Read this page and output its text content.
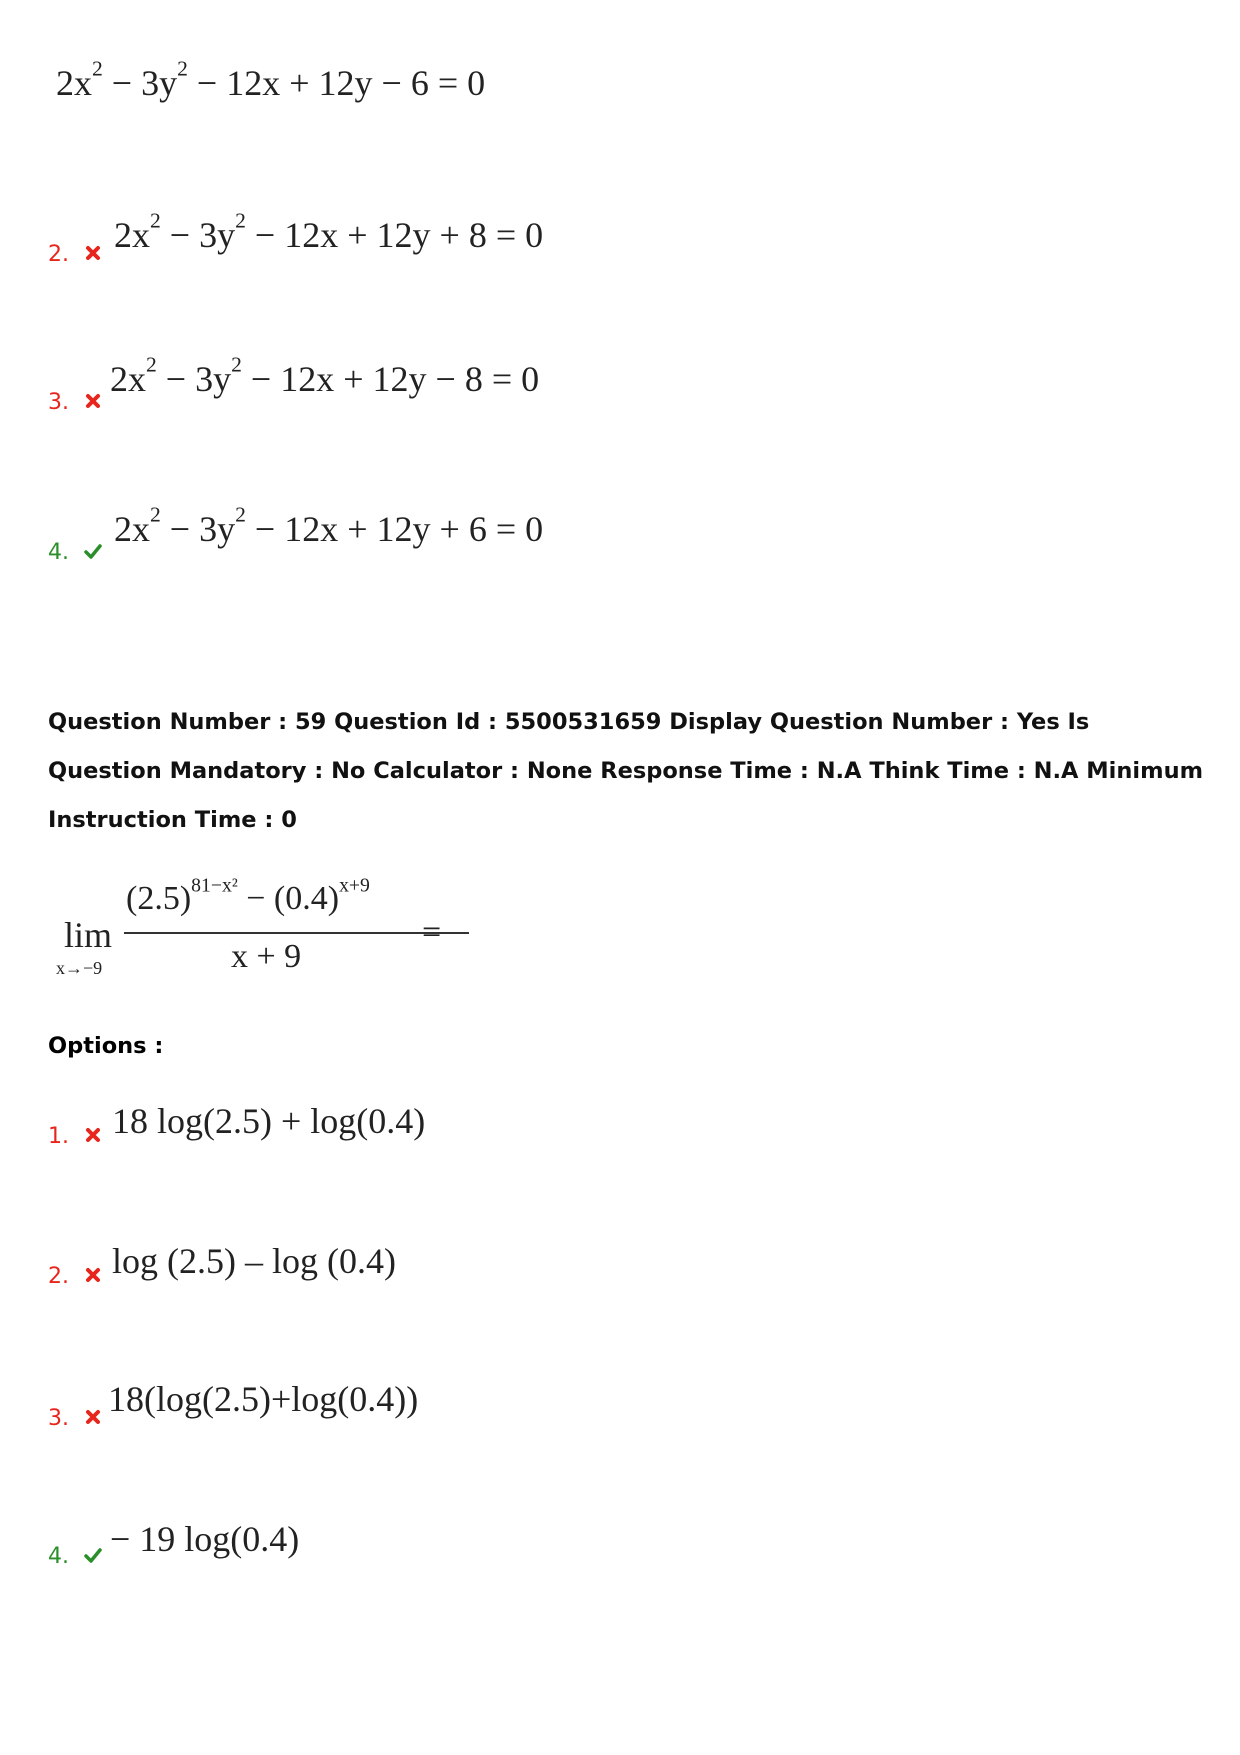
$2x^2 - 3y^2 - 12x + 12y - 6 = 0$
2.	$2x^2 - 3y^2 - 12x + 12y + 8 = 0$
3.
$2x^2 - 3y^2 - 12x + 12y - 8 = 0$
4.
$2x^2 - 3y^2 - 12x + 12y + 6 = 0$
Question Number : 59 Question Id : 5500531659 Display Question Number : Yes Is Question Mandatory : No Calculator : None Response Time : N.A Think Time : N.A Minimum Instruction Time : 0
lim
x→−9
$(2.5)^{81-x^2} - (0.4)^{x+9}$
x + 9
=
Options :
1.	18 log(2.5) + log(0.4)
2.	log (2.5) – log (0.4)
3.	18(log(2.5)+log(0.4))
4.	− 19 log(0.4)
